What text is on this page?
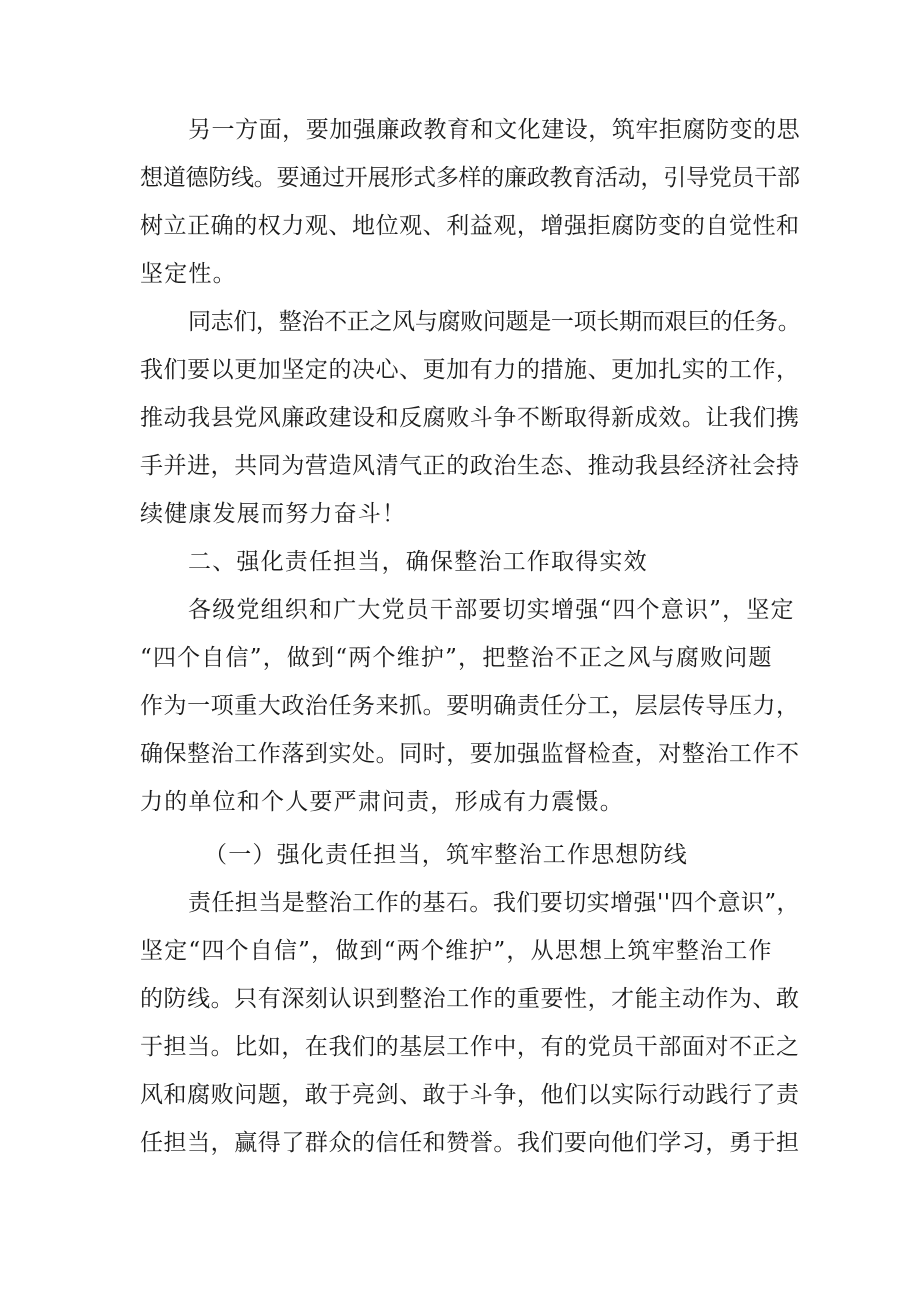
另一方面，要加强廉政教育和文化建设，筑牢拒腐防变的思
想道德防线。要通过开展形式多样的廉政教育活动，引导党员干部
树立正确的权力观、地位观、利益观，增强拒腐防变的自觉性和
坚定性。
同志们，整治不正之风与腐败问题是一项长期而艰巨的任务。
我们要以更加坚定的决心、更加有力的措施、更加扎实的工作，
推动我县党风廉政建设和反腐败斗争不断取得新成效。让我们携
手并进，共同为营造风清气正的政治生态、推动我县经济社会持
续健康发展而努力奋斗！
二、强化责任担当，确保整治工作取得实效
各级党组织和广大党员干部要切实增强“四个意识”，坚定
“四个自信”，做到“两个维护”，把整治不正之风与腐败问题
作为一项重大政治任务来抓。要明确责任分工，层层传导压力，
确保整治工作落到实处。同时，要加强监督检查，对整治工作不
力的单位和个人要严肃问责，形成有力震慑。
（一）强化责任担当，筑牢整治工作思想防线
责任担当是整治工作的基石。我们要切实增强''四个意识”，
坚定“四个自信”，做到“两个维护”，从思想上筑牢整治工作
的防线。只有深刻认识到整治工作的重要性，才能主动作为、敢
于担当。比如，在我们的基层工作中，有的党员干部面对不正之
风和腐败问题，敢于亮剑、敢于斗争，他们以实际行动践行了责
任担当，赢得了群众的信任和赞誉。我们要向他们学习，勇于担
